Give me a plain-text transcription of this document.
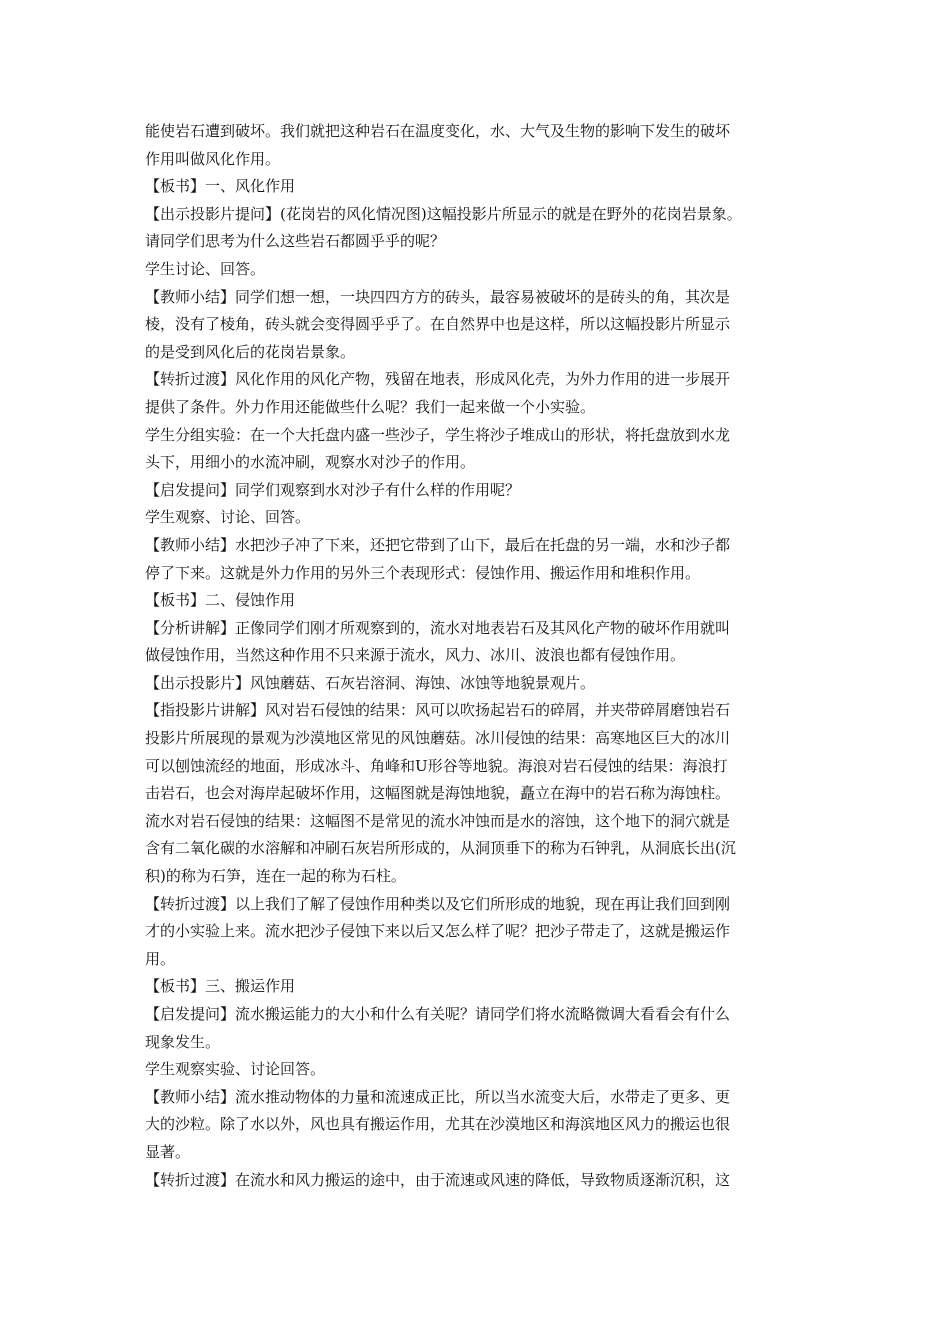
能使岩石遭到破坏。我们就把这种岩石在温度变化，水、大气及生物的影响下发生的破坏
作用叫做风化作用。
【板书】一、风化作用
【出示投影片提问】(花岗岩的风化情况图)这幅投影片所显示的就是在野外的花岗岩景象。
请同学们思考为什么这些岩石都圆乎乎的呢？
学生讨论、回答。
【教师小结】同学们想一想，一块四四方方的砖头，最容易被破坏的是砖头的角，其次是
棱，没有了棱角，砖头就会变得圆乎乎了。在自然界中也是这样，所以这幅投影片所显示
的是受到风化后的花岗岩景象。
【转折过渡】风化作用的风化产物，残留在地表，形成风化壳，为外力作用的进一步展开
提供了条件。外力作用还能做些什么呢？我们一起来做一个小实验。
学生分组实验：在一个大托盘内盛一些沙子，学生将沙子堆成山的形状，将托盘放到水龙
头下，用细小的水流冲刷，观察水对沙子的作用。
【启发提问】同学们观察到水对沙子有什么样的作用呢？
学生观察、讨论、回答。
【教师小结】水把沙子冲了下来，还把它带到了山下，最后在托盘的另一端，水和沙子都
停了下来。这就是外力作用的另外三个表现形式：侵蚀作用、搬运作用和堆积作用。
【板书】二、侵蚀作用
【分析讲解】正像同学们刚才所观察到的，流水对地表岩石及其风化产物的破坏作用就叫
做侵蚀作用，当然这种作用不只来源于流水，风力、冰川、波浪也都有侵蚀作用。
【出示投影片】风蚀蘑菇、石灰岩溶洞、海蚀、冰蚀等地貌景观片。
【指投影片讲解】风对岩石侵蚀的结果：风可以吹扬起岩石的碎屑，并夹带碎屑磨蚀岩石
投影片所展现的景观为沙漠地区常见的风蚀蘑菇。冰川侵蚀的结果：高寒地区巨大的冰川
可以刨蚀流经的地面，形成冰斗、角峰和U形谷等地貌。海浪对岩石侵蚀的结果：海浪打
击岩石，也会对海岸起破坏作用，这幅图就是海蚀地貌，矗立在海中的岩石称为海蚀柱。
流水对岩石侵蚀的结果：这幅图不是常见的流水冲蚀而是水的溶蚀，这个地下的洞穴就是
含有二氧化碳的水溶解和冲刷石灰岩所形成的，从洞顶垂下的称为石钟乳，从洞底长出(沉
积)的称为石笋，连在一起的称为石柱。
【转折过渡】以上我们了解了侵蚀作用种类以及它们所形成的地貌，现在再让我们回到刚
才的小实验上来。流水把沙子侵蚀下来以后又怎么样了呢？把沙子带走了，这就是搬运作
用。
【板书】三、搬运作用
【启发提问】流水搬运能力的大小和什么有关呢？请同学们将水流略微调大看看会有什么
现象发生。
学生观察实验、讨论回答。
【教师小结】流水推动物体的力量和流速成正比，所以当水流变大后，水带走了更多、更
大的沙粒。除了水以外，风也具有搬运作用，尤其在沙漠地区和海滨地区风力的搬运也很
显著。
【转折过渡】在流水和风力搬运的途中，由于流速或风速的降低，导致物质逐渐沉积，这
